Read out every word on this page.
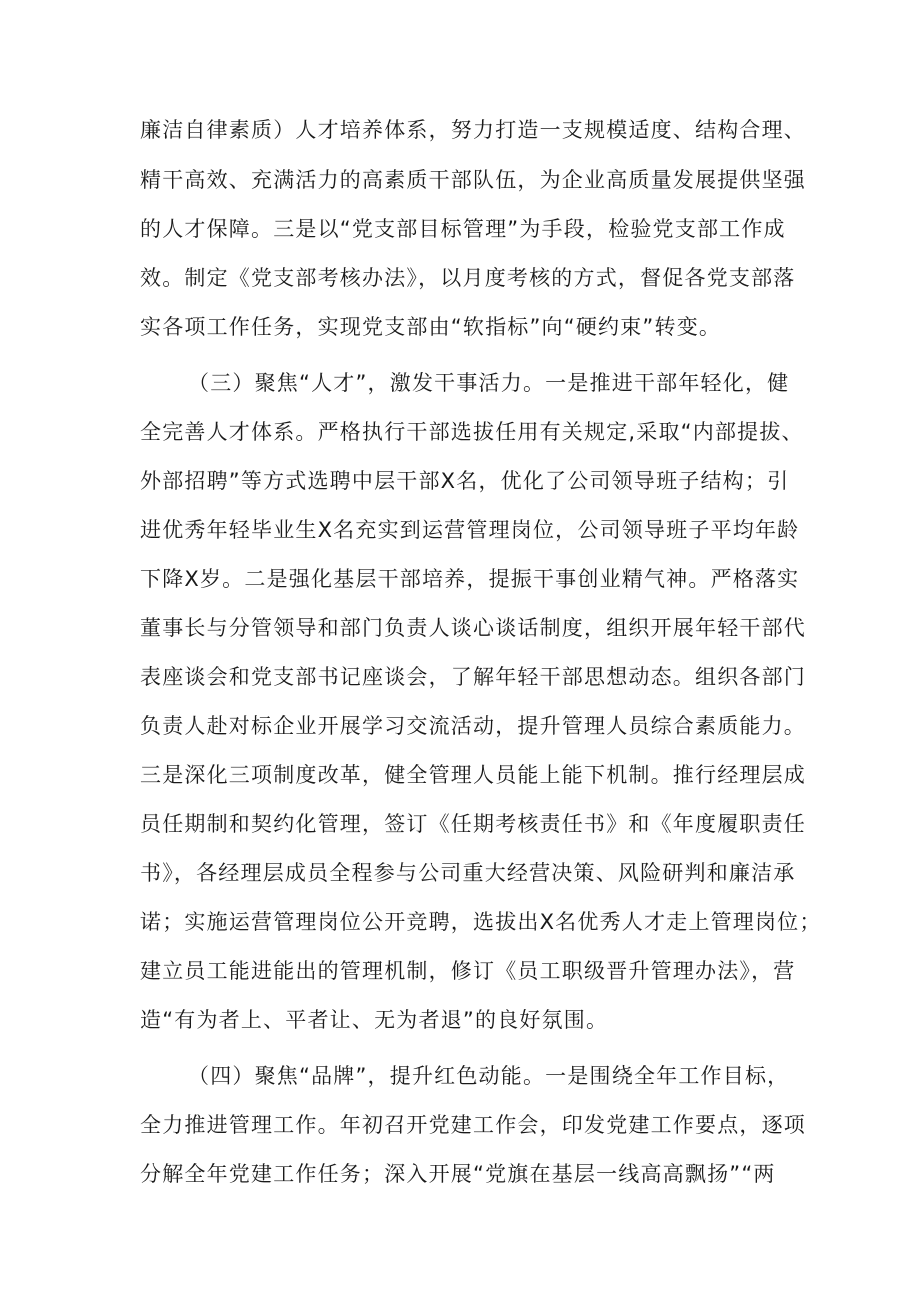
廉洁自律素质）人才培养体系，努力打造一支规模适度、结构合理、
精干高效、充满活力的高素质干部队伍，为企业高质量发展提供坚强
的人才保障。三是以“党支部目标管理”为手段，检验党支部工作成
效。制定《党支部考核办法》，以月度考核的方式，督促各党支部落
实各项工作任务，实现党支部由“软指标”向“硬约束”转变。
（三）聚焦“人才”，激发干事活力。一是推进干部年轻化，健
全完善人才体系。严格执行干部选拔任用有关规定,采取“内部提拔、
外部招聘”等方式选聘中层干部X名，优化了公司领导班子结构；引
进优秀年轻毕业生X名充实到运营管理岗位，公司领导班子平均年龄
下降X岁。二是强化基层干部培养，提振干事创业精气神。严格落实
董事长与分管领导和部门负责人谈心谈话制度，组织开展年轻干部代
表座谈会和党支部书记座谈会，了解年轻干部思想动态。组织各部门
负责人赴对标企业开展学习交流活动，提升管理人员综合素质能力。
三是深化三项制度改革，健全管理人员能上能下机制。推行经理层成
员任期制和契约化管理，签订《任期考核责任书》和《年度履职责任
书》，各经理层成员全程参与公司重大经营决策、风险研判和廉洁承
诺；实施运营管理岗位公开竞聘，选拔出X名优秀人才走上管理岗位；
建立员工能进能出的管理机制，修订《员工职级晋升管理办法》，营
造“有为者上、平者让、无为者退”的良好氛围。
（四）聚焦“品牌”，提升红色动能。一是围绕全年工作目标，
全力推进管理工作。年初召开党建工作会，印发党建工作要点，逐项
分解全年党建工作任务；深入开展“党旗在基层一线高高飘扬”“两
